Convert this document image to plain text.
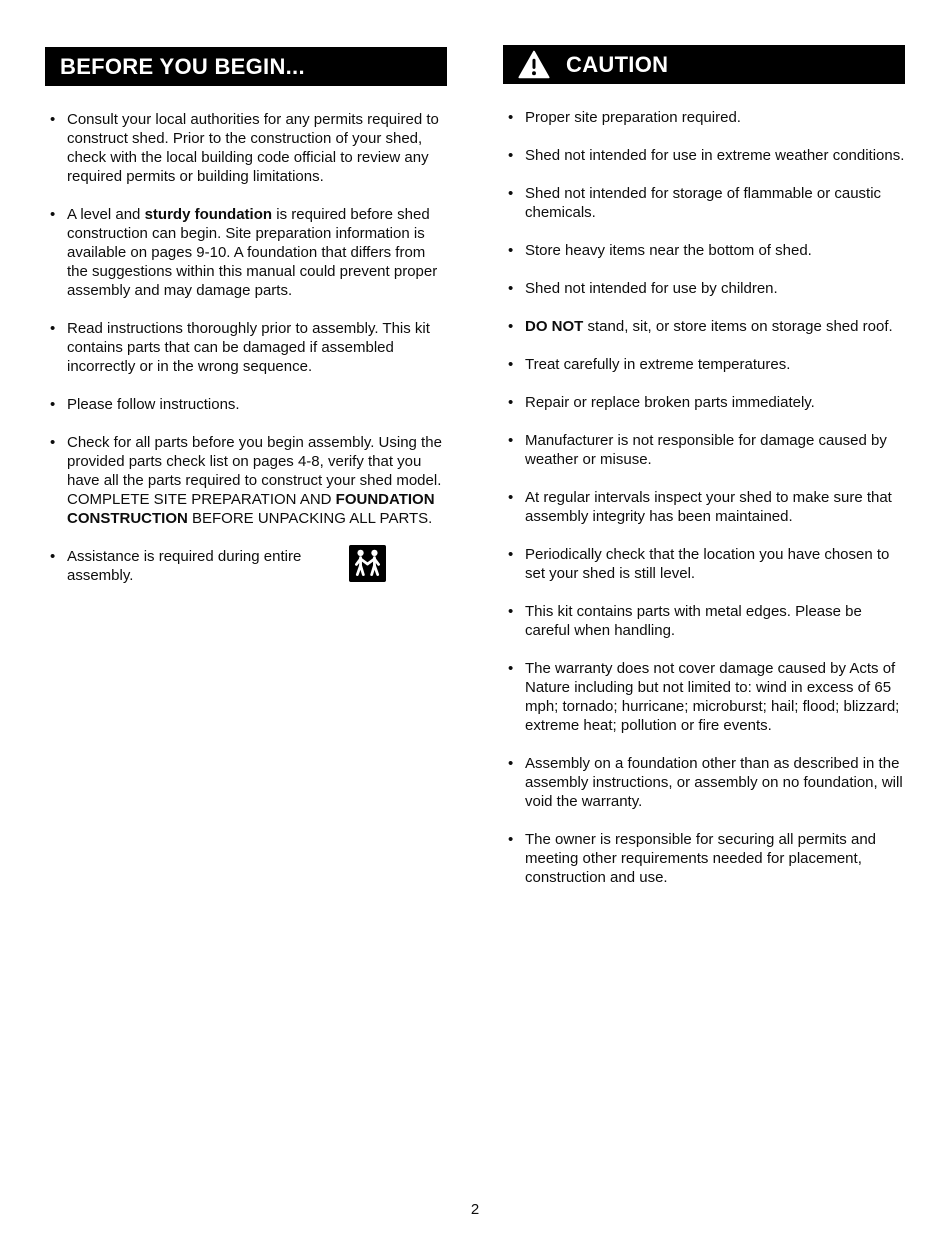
BEFORE YOU BEGIN...
• Consult your local authorities for any permits required to construct shed. Prior to the construction of your shed, check with the local building code official to review any required permits or building limitations.
• A level and sturdy foundation is required before shed construction can begin. Site preparation information is available on pages 9-10. A foundation that differs from the suggestions within this manual could prevent proper assembly and may damage parts.
• Read instructions thoroughly prior to assembly. This kit contains parts that can be damaged if assembled incorrectly or in the wrong sequence.
• Please follow instructions.
• Check for all parts before you begin assembly. Using the provided parts check list on pages 4-8, verify that you have all the parts required to construct your shed model. COMPLETE SITE PREPARATION AND FOUNDATION CONSTRUCTION BEFORE UNPACKING ALL PARTS.
• Assistance is required during entire assembly.
CAUTION
• Proper site preparation required.
• Shed not intended for use in extreme weather conditions.
• Shed not intended for storage of flammable or caustic chemicals.
• Store heavy items near the bottom of shed.
• Shed not intended for use by children.
• DO NOT stand, sit, or store items on storage shed roof.
• Treat carefully in extreme temperatures.
• Repair or replace broken parts immediately.
• Manufacturer is not responsible for damage caused by weather or misuse.
• At regular intervals inspect your shed to make sure that assembly integrity has been maintained.
• Periodically check that the location you have chosen to set your shed is still level.
• This kit contains parts with metal edges. Please be careful when handling.
• The warranty does not cover damage caused by Acts of Nature including but not limited to: wind in excess of 65 mph; tornado; hurricane; microburst; hail; flood; blizzard; extreme heat; pollution or fire events.
• Assembly on a foundation other than as described in the assembly instructions, or assembly on no foundation, will void the warranty.
• The owner is responsible for securing all permits and meeting other requirements needed for placement, construction and use.
2
